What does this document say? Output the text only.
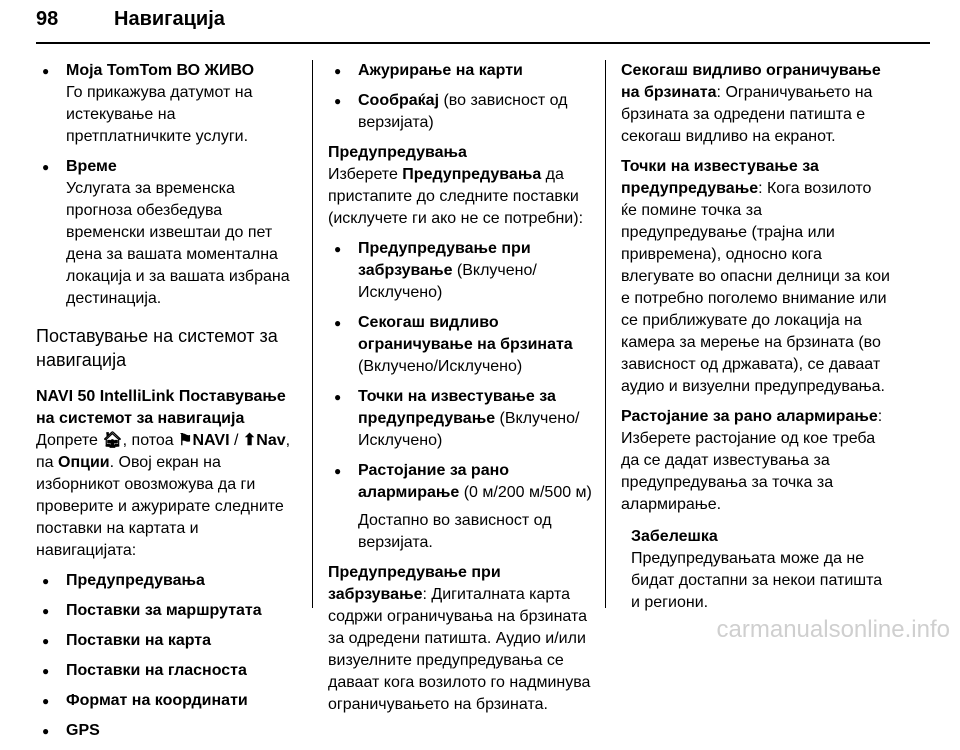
98	Навигација
● Моја TomTom ВО ЖИВО
Го прикажува датумот на истекување на претплатничките услуги.
● Време
Услугата за временска прогноза обезбедува временски извештаи до пет дена за вашата моментална локација и за вашата избрана дестинација.
Поставување на системот за навигација

NAVI 50 IntelliLink Поставување на системот за навигација

Допрете 🏠︎, потоа ⚑NAVI / ⬆Nav, па Опции. Овој екран на изборникот овозможува да ги проверите и ажурирате следните поставки на картата и навигацијата:

● Предупредувања
● Поставки за маршрутата
● Поставки на карта
● Поставки на гласноста
● Формат на координати
● GPS
● Ажурирање на карти
● Сообраќај (во зависност од верзијата)

Предупредувања

Изберете Предупредувања да пристапите до следните поставки (исклучете ги ако не се потребни):

● Предупредување при забрзување (Вклучено/ Исклучено)
● Секогаш видливо ограничување на брзината (Вклучено/Исклучено)
● Точки на известување за предупредување (Вклучено/ Исклучено)
● Растојание за рано алармирање (0 м/200 м/500 м)
Достапно во зависност од верзијата.

Предупредување при забрзување: Дигиталната карта содржи ограничувања на брзината за одредени патишта. Аудио и/или визуелните предупредувања се даваат кога возилото го надминува ограничувањето на брзината.

Секогаш видливо ограничување на брзината: Ограничувањето на брзината за одредени патишта е секогаш видливо на екранот.

Точки на известување за предупредување: Кога возилото ќе помине точка за предупредување (трајна или привремена), односно кога влегувате во опасни делници за кои е потребно поголемо внимание или се приближувате до локација на камера за мерење на брзината (во зависност од државата), се даваат аудио и визуелни предупредувања.

Растојание за рано алармирање: Изберете растојание од кое треба да се дадат известувања за предупредувања за точка за алармирање.

Забелешка
Предупредувањата може да не бидат достапни за некои патишта и региони.
carmanualsonline.info
